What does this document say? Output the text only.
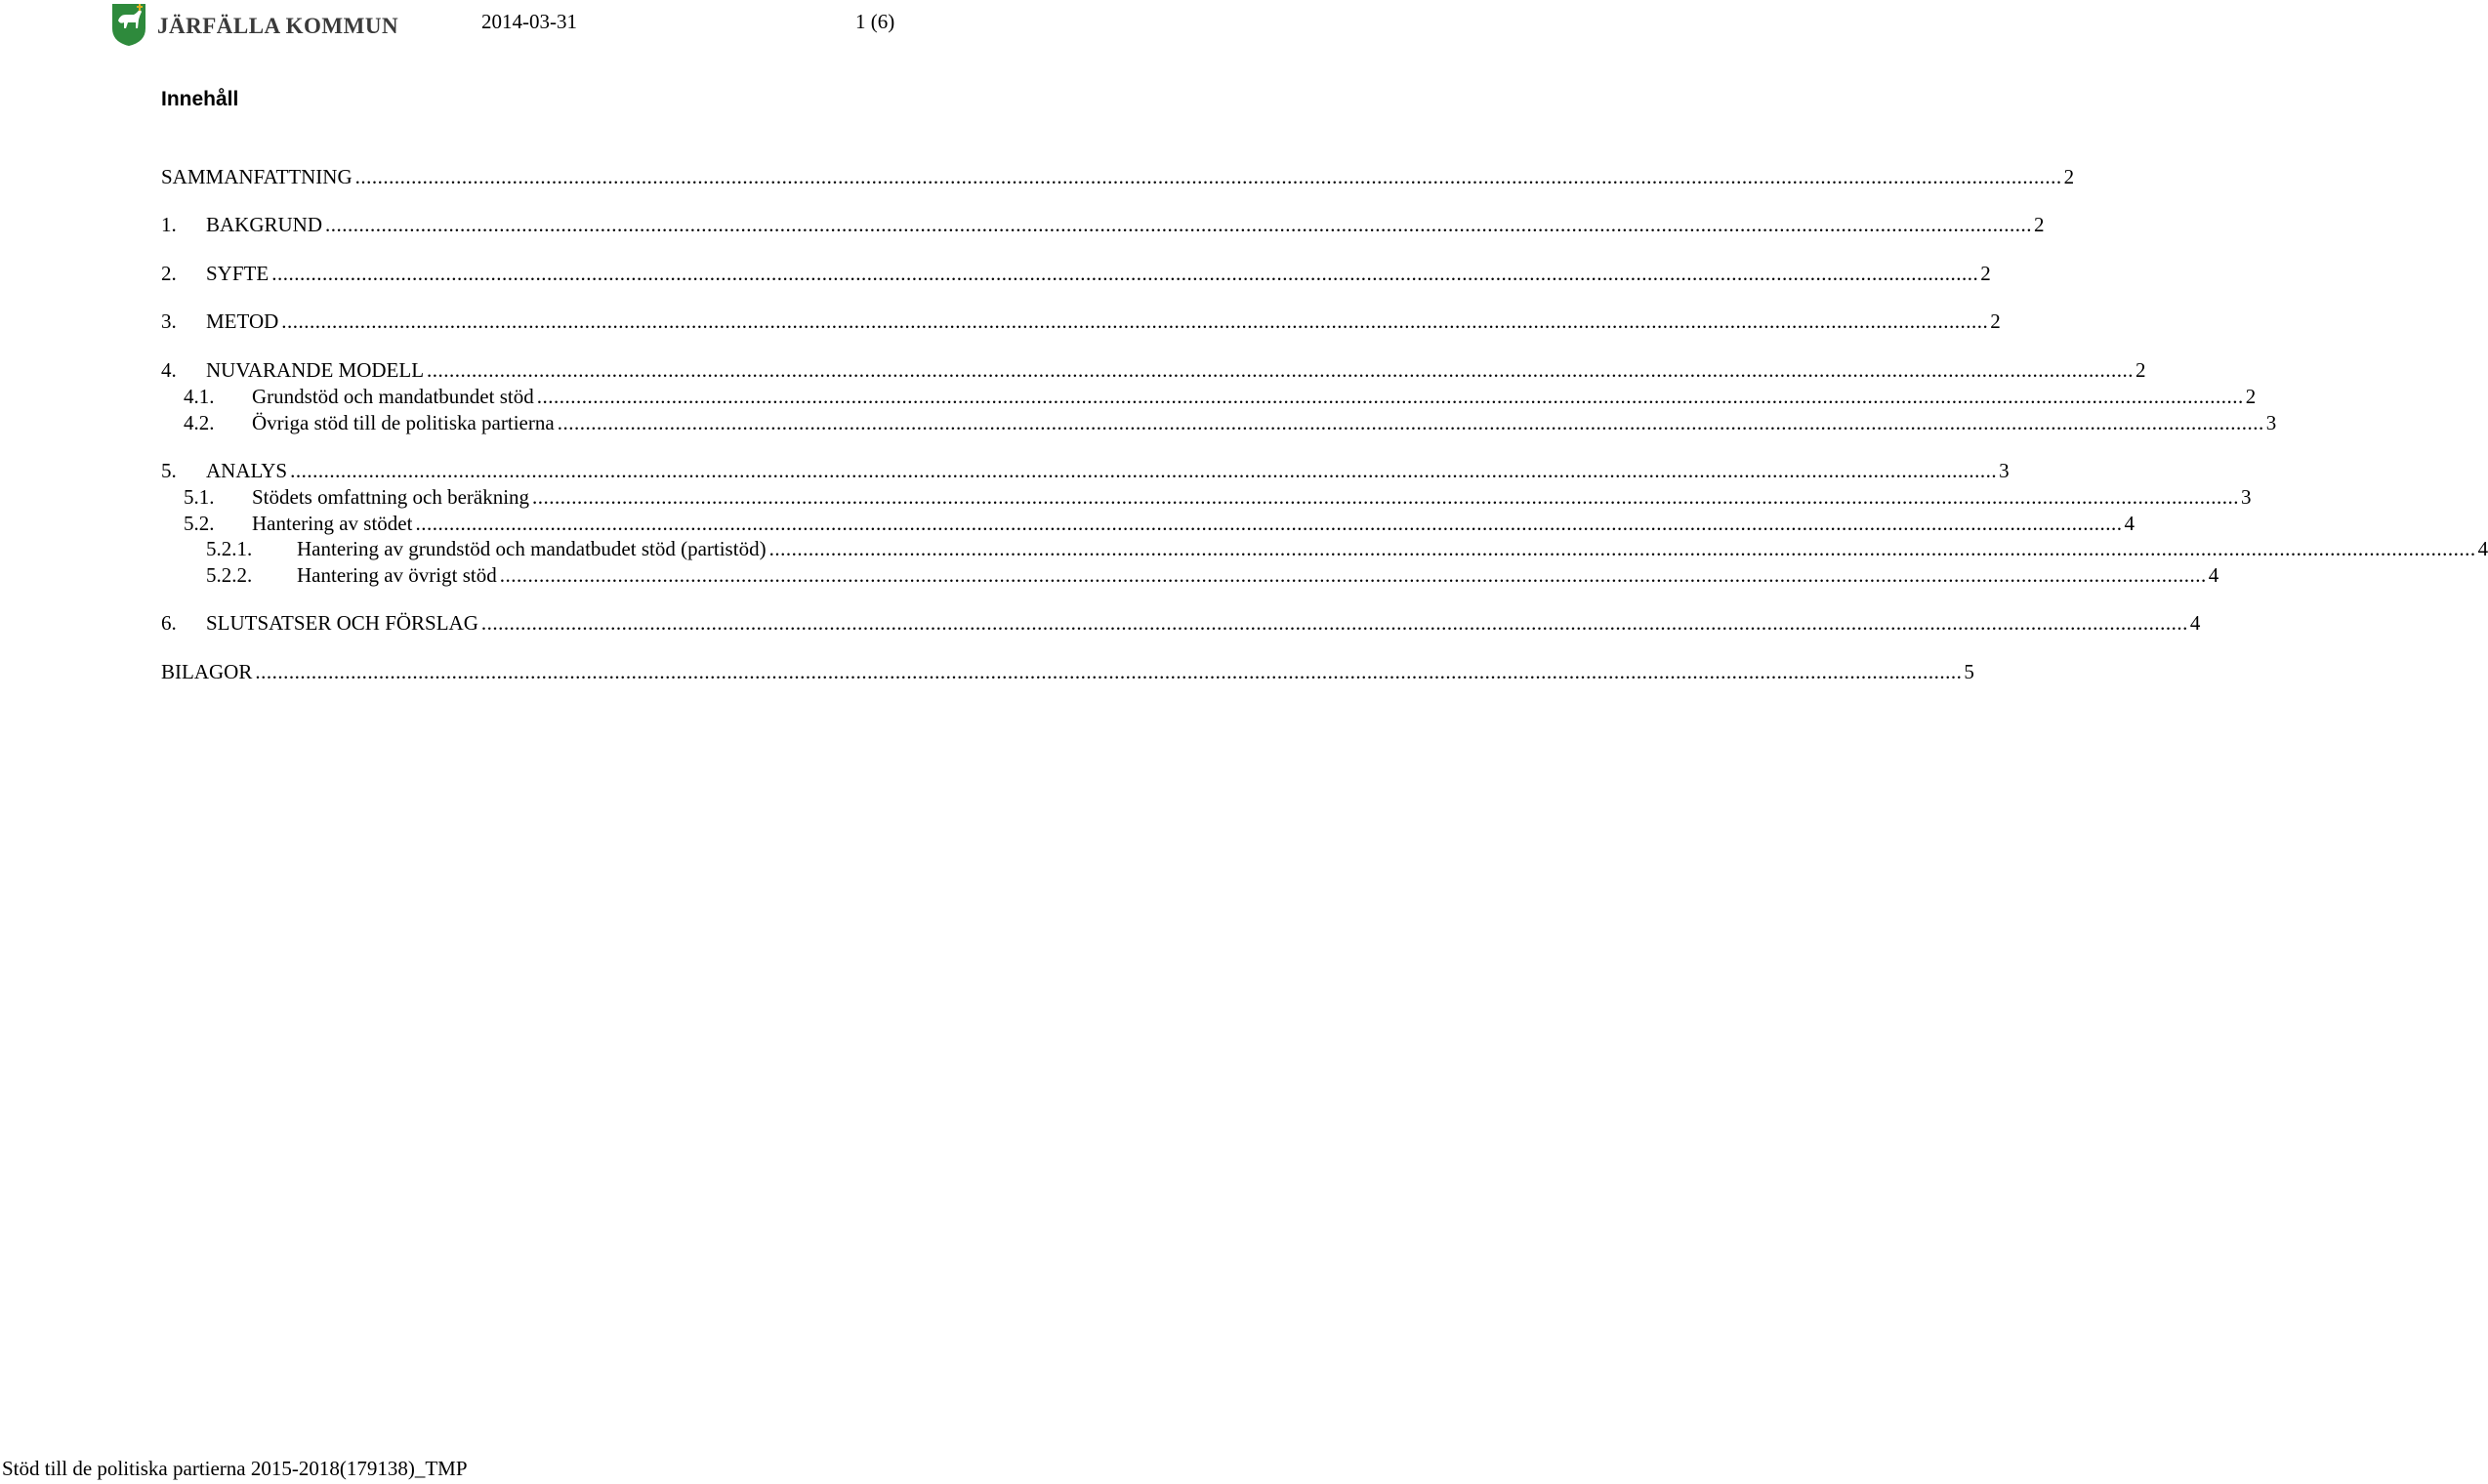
JÄRFÄLLA KOMMUN	2014-03-31	1 (6)
Innehåll
SAMMANFATTNING .....	2
1.	BAKGRUND .....	2
2.	SYFTE .....	2
3.	METOD .....	2
4.	NUVARANDE MODELL .....	2
4.1.	Grundstöd och mandatbundet stöd .....	2
4.2.	Övriga stöd till de politiska partierna .....	3
5.	ANALYS .....	3
5.1.	Stödets omfattning och beräkning .....	3
5.2.	Hantering av stödet .....	4
5.2.1.	Hantering av grundstöd och mandatbudet stöd (partistöd) .....	4
5.2.2.	Hantering av övrigt stöd .....	4
6.	SLUTSATSER OCH FÖRSLAG .....	4
BILAGOR .....	5
Stöd till de politiska partierna 2015-2018(179138)_TMP
